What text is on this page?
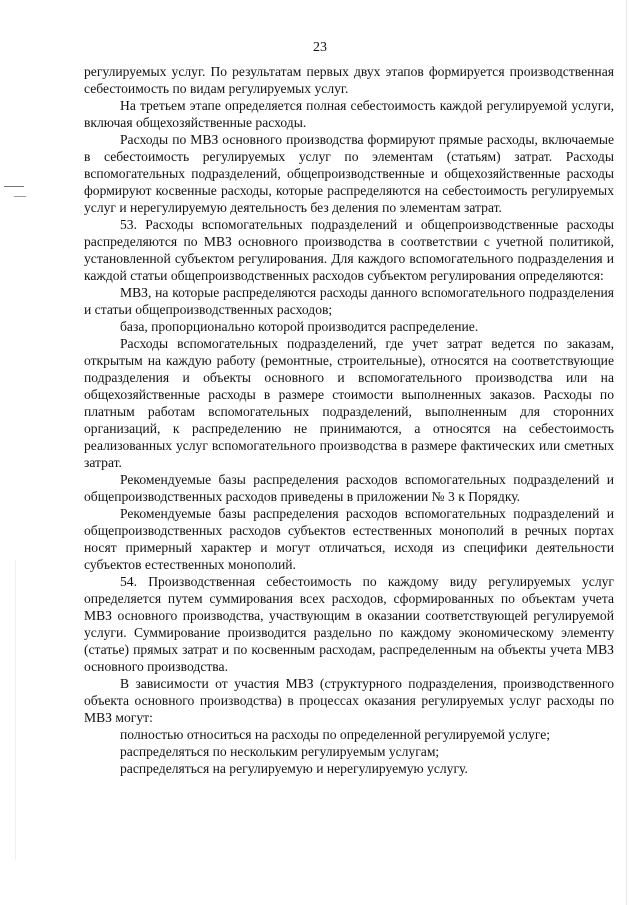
23

регулируемых услуг. По результатам первых двух этапов формируется производственная себестоимость по видам регулируемых услуг.

На третьем этапе определяется полная себестоимость каждой регулируемой услуги, включая общехозяйственные расходы.

Расходы по МВЗ основного производства формируют прямые расходы, включаемые в себестоимость регулируемых услуг по элементам (статьям) затрат. Расходы вспомогательных подразделений, общепроизводственные и общехозяйственные расходы формируют косвенные расходы, которые распределяются на себестоимость регулируемых услуг и нерегулируемую деятельность без деления по элементам затрат.

53. Расходы вспомогательных подразделений и общепроизводственные расходы распределяются по МВЗ основного производства в соответствии с учетной политикой, установленной субъектом регулирования. Для каждого вспомогательного подразделения и каждой статьи общепроизводственных расходов субъектом регулирования определяются:

МВЗ, на которые распределяются расходы данного вспомогательного подразделения и статьи общепроизводственных расходов;

база, пропорционально которой производится распределение.

Расходы вспомогательных подразделений, где учет затрат ведется по заказам, открытым на каждую работу (ремонтные, строительные), относятся на соответствующие подразделения и объекты основного и вспомогательного производства или на общехозяйственные расходы в размере стоимости выполненных заказов. Расходы по платным работам вспомогательных подразделений, выполненным для сторонних организаций, к распределению не принимаются, а относятся на себестоимость реализованных услуг вспомогательного производства в размере фактических или сметных затрат.

Рекомендуемые базы распределения расходов вспомогательных подразделений и общепроизводственных расходов приведены в приложении № 3 к Порядку.

Рекомендуемые базы распределения расходов вспомогательных подразделений и общепроизводственных расходов субъектов естественных монополий в речных портах носят примерный характер и могут отличаться, исходя из специфики деятельности субъектов естественных монополий.

54. Производственная себестоимость по каждому виду регулируемых услуг определяется путем суммирования всех расходов, сформированных по объектам учета МВЗ основного производства, участвующим в оказании соответствующей регулируемой услуги. Суммирование производится раздельно по каждому экономическому элементу (статье) прямых затрат и по косвенным расходам, распределенным на объекты учета МВЗ основного производства.

В зависимости от участия МВЗ (структурного подразделения, производственного объекта основного производства) в процессах оказания регулируемых услуг расходы по МВЗ могут:

полностью относиться на расходы по определенной регулируемой услуге;

распределяться по нескольким регулируемым услугам;

распределяться на регулируемую и нерегулируемую услугу.
